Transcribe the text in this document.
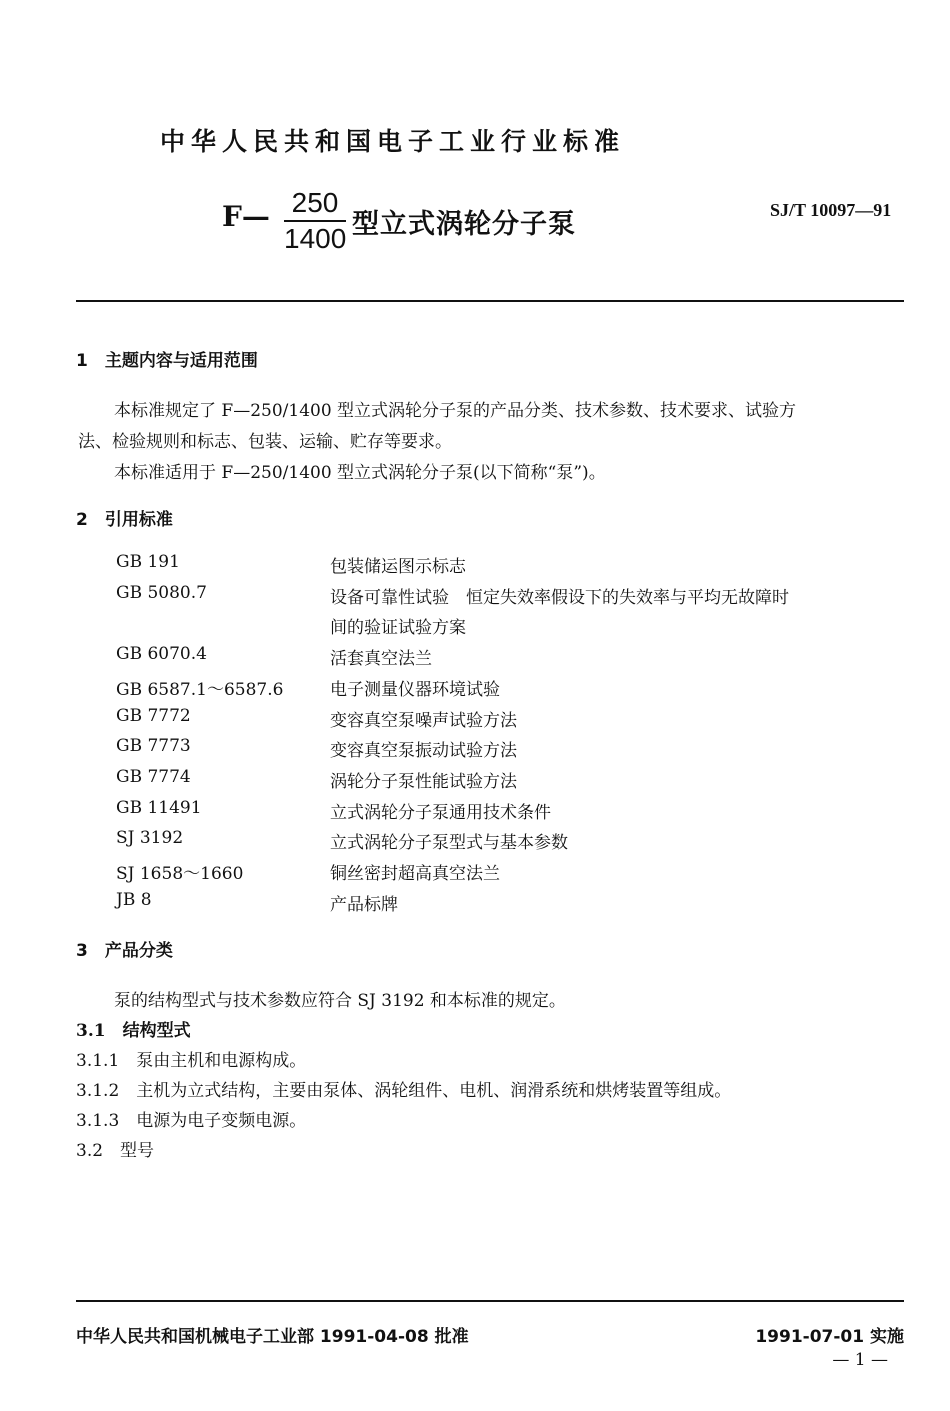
中华人民共和国电子工业行业标准
F— 250
1400 型立式涡轮分子泵	SJ/T 10097—91
1　主题内容与适用范围
本标准规定了 F—250/1400 型立式涡轮分子泵的产品分类、技术参数、技术要求、试验方
法、检验规则和标志、包装、运输、贮存等要求。
本标准适用于 F—250/1400 型立式涡轮分子泵(以下简称“泵”)。
2　引用标准
GB 191	包装储运图示标志
GB 5080.7	设备可靠性试验　恒定失效率假设下的失效率与平均无故障时
间的验证试验方案
GB 6070.4	活套真空法兰
GB 6587.1～6587.6	电子测量仪器环境试验
GB 7772	变容真空泵噪声试验方法
GB 7773	变容真空泵振动试验方法
GB 7774	涡轮分子泵性能试验方法
GB 11491	立式涡轮分子泵通用技术条件
SJ 3192	立式涡轮分子泵型式与基本参数
SJ 1658～1660	铜丝密封超高真空法兰
JB 8	产品标牌
3　产品分类
泵的结构型式与技术参数应符合 SJ 3192 和本标准的规定。
3.1　结构型式
3.1.1　泵由主机和电源构成。
3.1.2　主机为立式结构，主要由泵体、涡轮组件、电机、润滑系统和烘烤装置等组成。
3.1.3　电源为电子变频电源。
3.2　型号
中华人民共和国机械电子工业部 1991-04-08 批准	1991-07-01 实施
— 1 —
